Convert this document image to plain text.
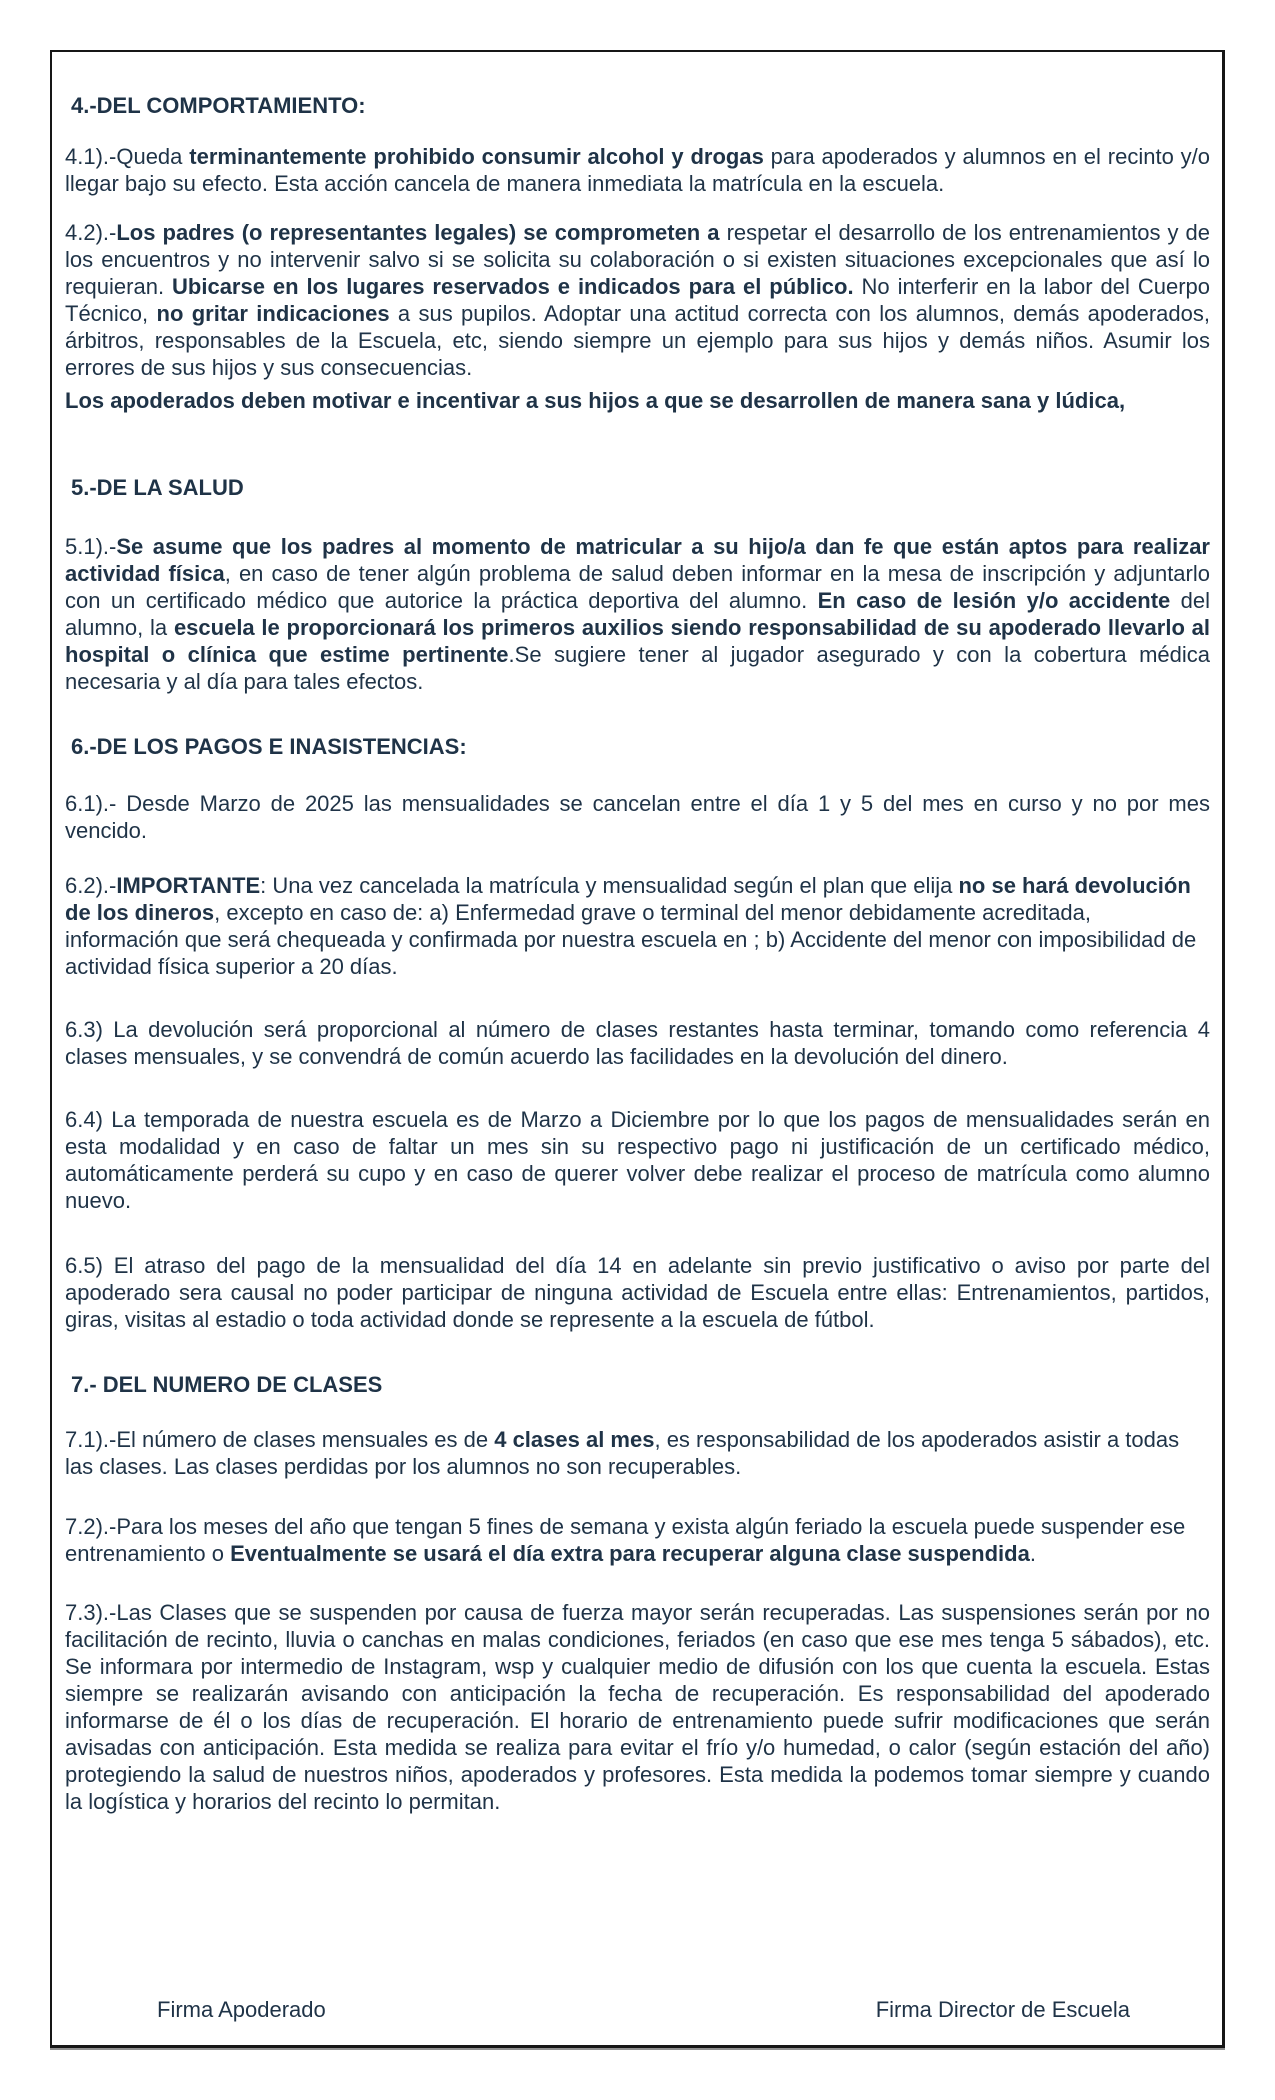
4.-DEL COMPORTAMIENTO:

4.1).-Queda terminantemente prohibido consumir alcohol y drogas para apoderados y alumnos en el recinto y/o llegar bajo su efecto. Esta acción cancela de manera inmediata la matrícula en la escuela.

4.2).-Los padres (o representantes legales) se comprometen a respetar el desarrollo de los entrenamientos y de los encuentros y no intervenir salvo si se solicita su colaboración o si existen situaciones excepcionales que así lo requieran. Ubicarse en los lugares reservados e indicados para el público. No interferir en la labor del Cuerpo Técnico, no gritar indicaciones a sus pupilos. Adoptar una actitud correcta con los alumnos, demás apoderados, árbitros, responsables de la Escuela, etc, siendo siempre un ejemplo para sus hijos y demás niños. Asumir los errores de sus hijos y sus consecuencias.

Los apoderados deben motivar e incentivar a sus hijos a que se desarrollen de manera sana y lúdica,

5.-DE LA SALUD

5.1).-Se asume que los padres al momento de matricular a su hijo/a dan fe que están aptos para realizar actividad física, en caso de tener algún problema de salud deben informar en la mesa de inscripción y adjuntarlo con un certificado médico que autorice la práctica deportiva del alumno. En caso de lesión y/o accidente del alumno, la escuela le proporcionará los primeros auxilios siendo responsabilidad de su apoderado llevarlo al hospital o clínica que estime pertinente.Se sugiere tener al jugador asegurado y con la cobertura médica necesaria y al día para tales efectos.

6.-DE LOS PAGOS E INASISTENCIAS:

6.1).- Desde Marzo de 2025 las mensualidades se cancelan entre el día 1 y 5 del mes en curso y no por mes vencido.

6.2).-IMPORTANTE: Una vez cancelada la matrícula y mensualidad según el plan que elija no se hará devolución de los dineros, excepto en caso de: a) Enfermedad grave o terminal del menor debidamente acreditada, información que será chequeada y confirmada por nuestra escuela en ; b) Accidente del menor con imposibilidad de actividad física superior a 20 días.

6.3) La devolución será proporcional al número de clases restantes hasta terminar, tomando como referencia 4 clases mensuales, y se convendrá de común acuerdo las facilidades en la devolución del dinero.

6.4) La temporada de nuestra escuela es de Marzo a Diciembre por lo que los pagos de mensualidades serán en esta modalidad y en caso de faltar un mes sin su respectivo pago ni justificación de un certificado médico, automáticamente perderá su cupo y en caso de querer volver debe realizar el proceso de matrícula como alumno nuevo.

6.5) El atraso del pago de la mensualidad del día 14 en adelante sin previo justificativo o aviso por parte del apoderado sera causal no poder participar de ninguna actividad de Escuela entre ellas: Entrenamientos, partidos, giras, visitas al estadio o toda actividad donde se represente a la escuela de fútbol.

7.- DEL NUMERO DE CLASES

7.1).-El número de clases mensuales es de 4 clases al mes, es responsabilidad de los apoderados asistir a todas las clases. Las clases perdidas por los alumnos no son recuperables.

7.2).-Para los meses del año que tengan 5 fines de semana y exista algún feriado la escuela puede suspender ese entrenamiento o Eventualmente se usará el día extra para recuperar alguna clase suspendida.

7.3).-Las Clases que se suspenden por causa de fuerza mayor serán recuperadas. Las suspensiones serán por no facilitación de recinto, lluvia o canchas en malas condiciones, feriados (en caso que ese mes tenga 5 sábados), etc. Se informara por intermedio de Instagram, wsp y cualquier medio de difusión con los que cuenta la escuela. Estas siempre se realizarán avisando con anticipación la fecha de recuperación. Es responsabilidad del apoderado informarse de él o los días de recuperación. El horario de entrenamiento puede sufrir modificaciones que serán avisadas con anticipación. Esta medida se realiza para evitar el frío y/o humedad, o calor (según estación del año) protegiendo la salud de nuestros niños, apoderados y profesores. Esta medida la podemos tomar siempre y cuando la logística y horarios del recinto lo permitan.

Firma Apoderado	Firma Director de Escuela
